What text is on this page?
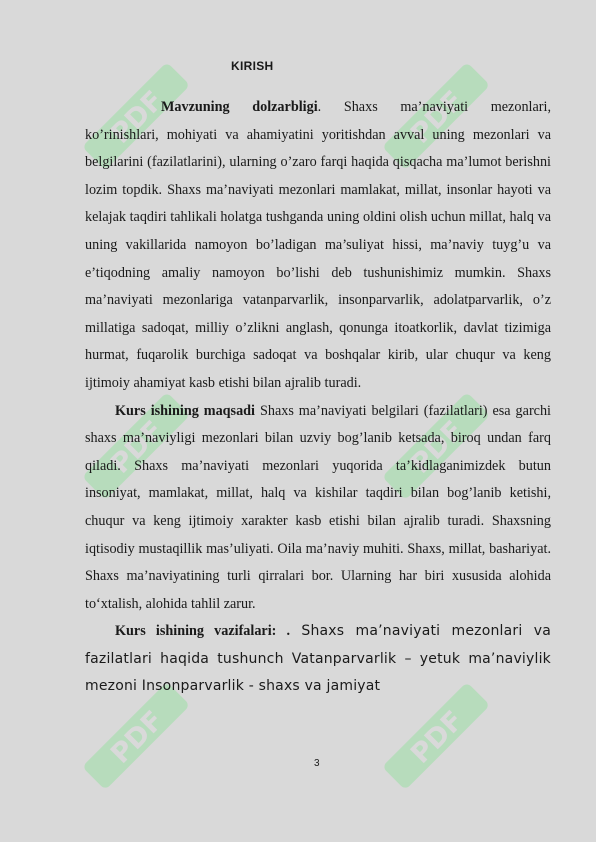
PDF	PDF
PDF	PDF
PDF	PDF
KIRISH

Mavzuning dolzarbligi. Shaxs ma’naviyati mezonlari, ko’rinishlari, mohiyati va ahamiyatini yoritishdan avval uning mezonlari va belgilarini (fazilatlarini), ularning o’zaro farqi haqida qisqacha ma’lumot berishni lozim topdik. Shaxs ma’naviyati mezonlari mamlakat, millat, insonlar hayoti va kelajak taqdiri tahlikali holatga tushganda uning oldini olish uchun millat, halq va uning vakillarida namoyon bo’ladigan ma’suliyat hissi, ma’naviy tuyg’u va e’tiqodning amaliy namoyon bo’lishi deb tushunishimiz mumkin. Shaxs ma’naviyati mezonlariga vatanparvarlik, insonparvarlik, adolatparvarlik, o’z millatiga sadoqat, milliy o’zlikni anglash, qonunga itoatkorlik, davlat tizimiga hurmat, fuqarolik burchiga sadoqat va boshqalar kirib, ular chuqur va keng ijtimoiy ahamiyat kasb etishi bilan ajralib turadi.

Kurs ishining maqsadi Shaxs ma’naviyati belgilari (fazilatlari) esa garchi shaxs ma’naviyligi mezonlari bilan uzviy bog’lanib ketsada, biroq undan farq qiladi. Shaxs ma’naviyati mezonlari yuqorida ta’kidlaganimizdek butun insoniyat, mamlakat, millat, halq va kishilar taqdiri bilan bog’lanib ketishi, chuqur va keng ijtimoiy xarakter kasb etishi bilan ajralib turadi. Shaxsning iqtisodiy mustaqillik mas’uliyati. Oila ma’naviy muhiti. Shaxs, millat, bashariyat. Shaxs ma’naviyatining turli qirralari bor. Ularning har biri xususida alohida to‘xtalish, alohida tahlil zarur.

Kurs ishining vazifalari: . Shaxs ma’naviyati mezonlari va fazilatlari haqida tushunch Vatanparvarlik – yetuk ma’naviylik mezoni Insonparvarlik - shaxs va jamiyat

3
